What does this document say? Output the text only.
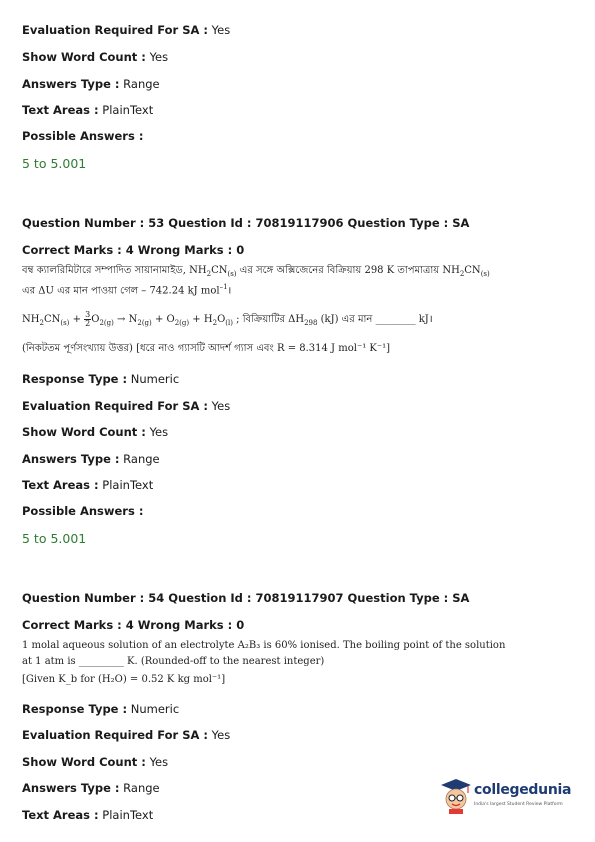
Evaluation Required For SA : Yes
Show Word Count : Yes
Answers Type : Range
Text Areas : PlainText
Possible Answers :
5 to 5.001
Question Number : 53 Question Id : 70819117906 Question Type : SA
Correct Marks : 4 Wrong Marks : 0
বম্ব ক্যালরিমিটারে সম্পাদিত সায়ানামাইড, $NH_2CN_{(s)}$ এর সঙ্গে অক্সিজেনের বিক্রিয়ায় 298 K তাপমাত্রায় $NH_2CN_{(s)}$
এর ΔU এর মান পাওয়া গেল – 742.24 kJ mol$^{-1}$।
$NH_2CN_{(s)} + \frac{3}{2} O_{2(g)} \to N_{2(g)} + O_{2(g)} + H_2O_{(l)}$ ; বিক্রিয়াটির $\Delta H_{298}$ (kJ) এর মান ________ kJ।
(নিকটতম পূর্ণসংখ্যায় উত্তর) [ধরে নাও গ্যাসটি আদর্শ গ্যাস এবং R = 8.314 J mol⁻¹ K⁻¹]
Response Type : Numeric
Evaluation Required For SA : Yes
Show Word Count : Yes
Answers Type : Range
Text Areas : PlainText
Possible Answers :
5 to 5.001
Question Number : 54 Question Id : 70819117907 Question Type : SA
Correct Marks : 4 Wrong Marks : 0
1 molal aqueous solution of an electrolyte A₂B₃ is 60% ionised. The boiling point of the solution
at 1 atm is _________ K. (Rounded-off to the nearest integer)
[Given K_b for (H₂O) = 0.52 K kg mol⁻¹]
Response Type : Numeric
Evaluation Required For SA : Yes
Show Word Count : Yes
Answers Type : Range
Text Areas : PlainText
collegedunia
India's largest Student Review Platform
